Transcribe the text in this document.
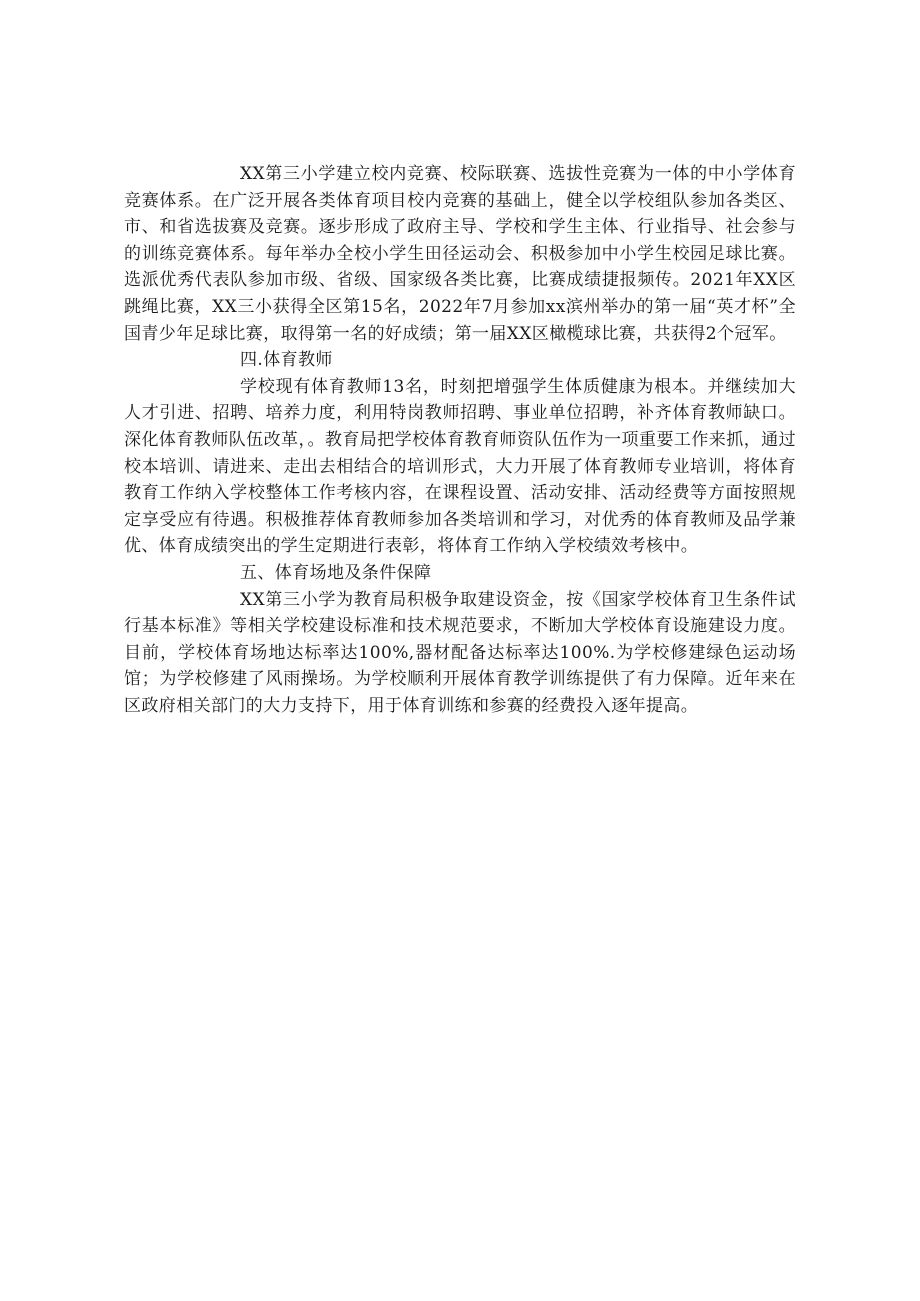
XX第三小学建立校内竞赛、校际联赛、选拔性竞赛为一体的中小学体育竞赛体系。在广泛开展各类体育项目校内竞赛的基础上，健全以学校组队参加各类区、市、和省选拔赛及竞赛。逐步形成了政府主导、学校和学生主体、行业指导、社会参与的训练竞赛体系。每年举办全校小学生田径运动会、积极参加中小学生校园足球比赛。选派优秀代表队参加市级、省级、国家级各类比赛，比赛成绩捷报频传。2021年XX区跳绳比赛，XX三小获得全区第15名，2022年7月参加xx滨州举办的第一届“英才杯”全国青少年足球比赛，取得第一名的好成绩；第一届XX区橄榄球比赛，共获得2个冠军。

四.体育教师

学校现有体育教师13名，时刻把增强学生体质健康为根本。并继续加大人才引进、招聘、培养力度，利用特岗教师招聘、事业单位招聘，补齐体育教师缺口。深化体育教师队伍改革，。教育局把学校体育教育师资队伍作为一项重要工作来抓，通过校本培训、请进来、走出去相结合的培训形式，大力开展了体育教师专业培训，将体育教育工作纳入学校整体工作考核内容，在课程设置、活动安排、活动经费等方面按照规定享受应有待遇。积极推荐体育教师参加各类培训和学习，对优秀的体育教师及品学兼优、体育成绩突出的学生定期进行表彰，将体育工作纳入学校绩效考核中。

五、体育场地及条件保障

XX第三小学为教育局积极争取建设资金，按《国家学校体育卫生条件试行基本标准》等相关学校建设标准和技术规范要求，不断加大学校体育设施建设力度。目前，学校体育场地达标率达100%,器材配备达标率达100%.为学校修建绿色运动场馆；为学校修建了风雨操场。为学校顺利开展体育教学训练提供了有力保障。近年来在区政府相关部门的大力支持下，用于体育训练和参赛的经费投入逐年提高。
